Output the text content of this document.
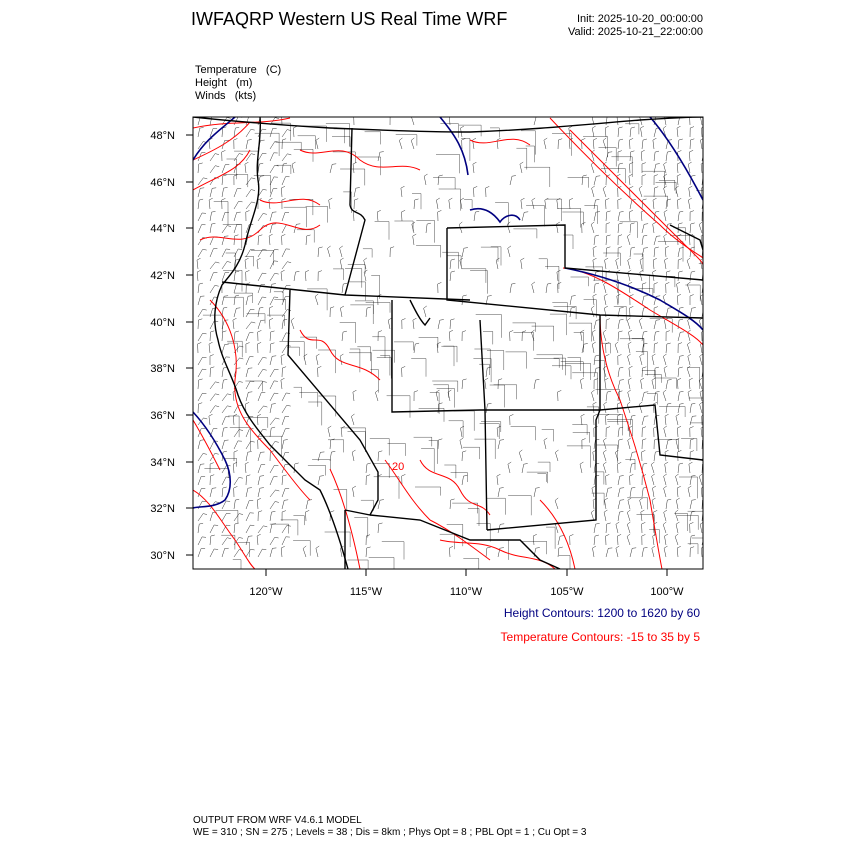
IWFAQRP Western US Real Time WRF	Init: 2025-10-20_00:00:00
Valid: 2025-10-21_22:00:00
Temperature   (C)
Height   (m)
Winds   (kts)
20
48°N
46°N
44°N
42°N
40°N
38°N
36°N
34°N
32°N
30°N
120°W	115°W	110°W	105°W	100°W
Height Contours: 1200 to 1620 by 60
Temperature Contours: -15 to 35 by 5
OUTPUT FROM WRF V4.6.1 MODEL
WE = 310 ; SN = 275 ; Levels = 38 ; Dis = 8km ; Phys Opt = 8 ; PBL Opt = 1 ; Cu Opt = 3
